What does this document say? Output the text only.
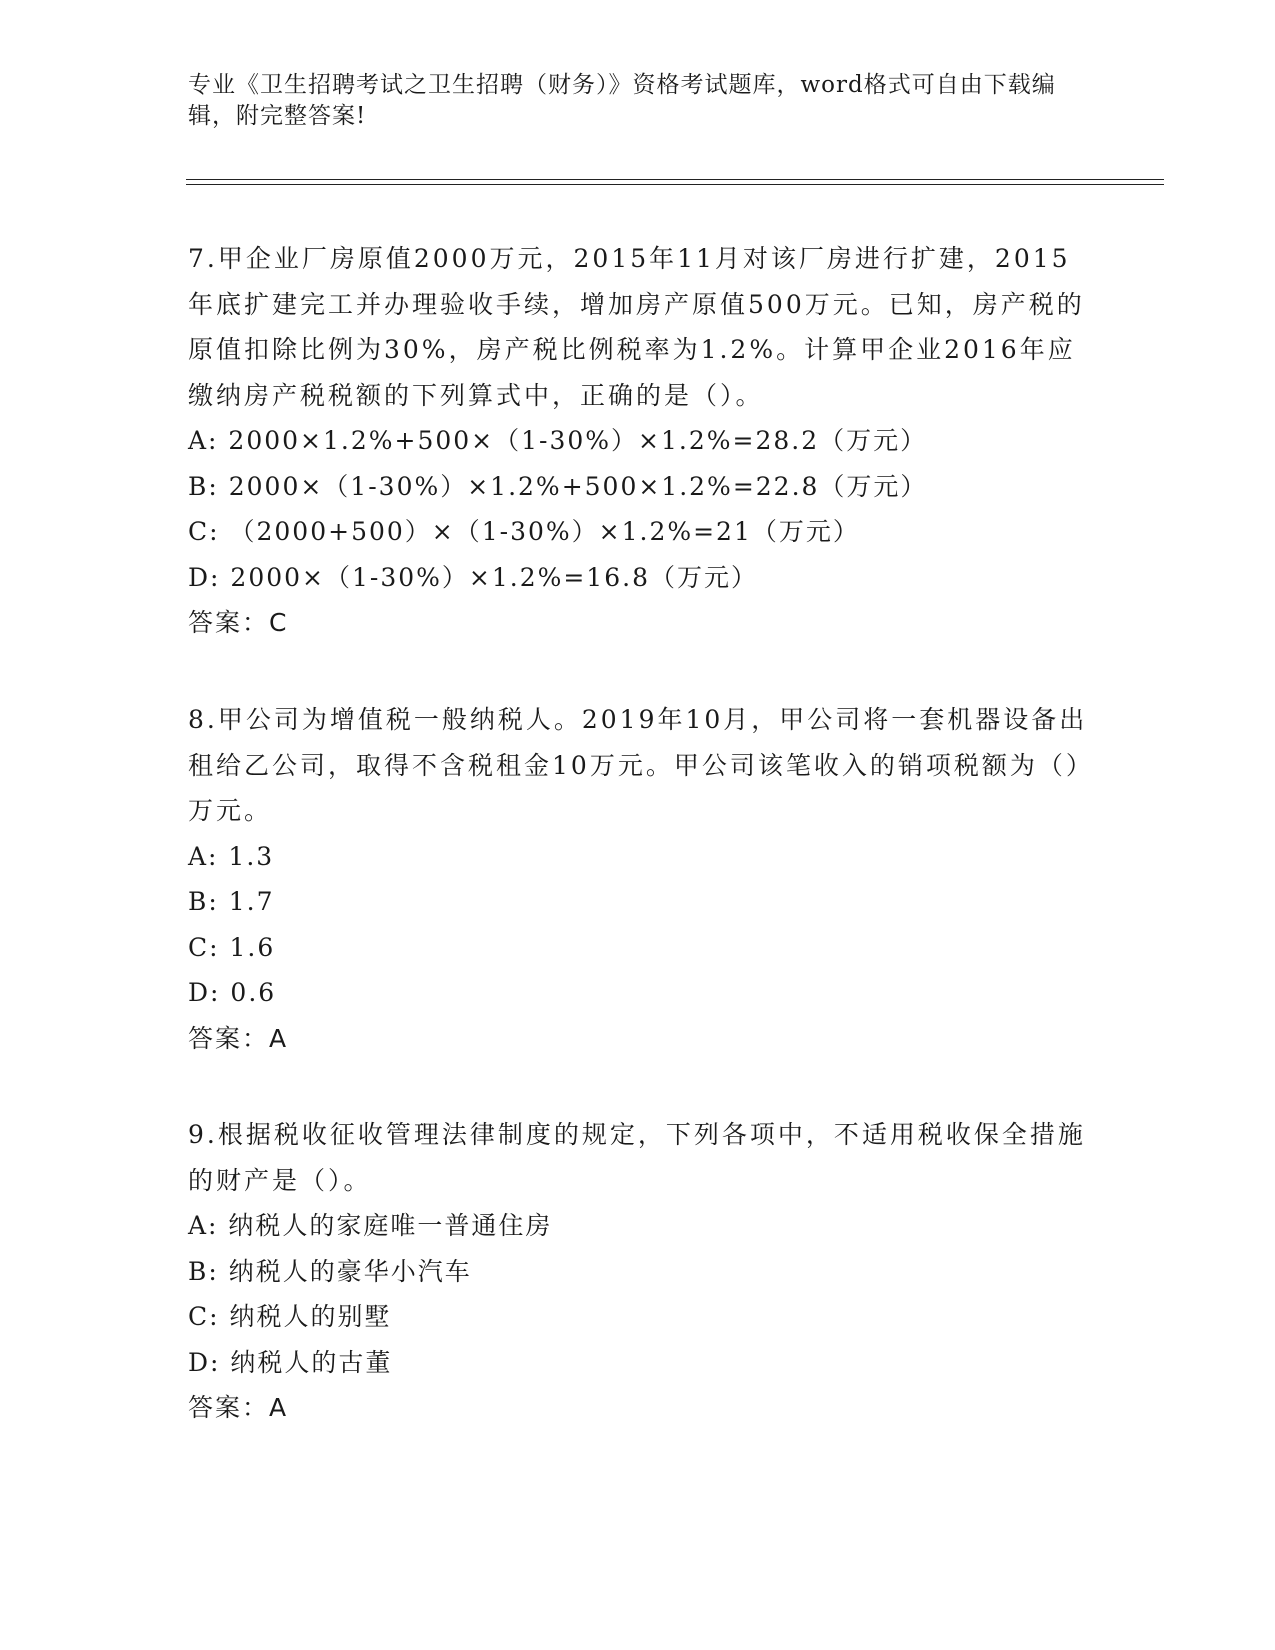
专业《卫生招聘考试之卫生招聘（财务）》资格考试题库，word格式可自由下载编辑，附完整答案!

7.甲企业厂房原值2000万元，2015年11月对该厂房进行扩建，2015年底扩建完工并办理验收手续，增加房产原值500万元。已知，房产税的原值扣除比例为30%，房产税比例税率为1.2%。计算甲企业2016年应缴纳房产税税额的下列算式中，正确的是（）。

A: 2000×1.2%+500×（1-30%）×1.2%=28.2（万元）

B: 2000×（1-30%）×1.2%+500×1.2%=22.8（万元）

C: （2000+500）×（1-30%）×1.2%=21（万元）

D: 2000×（1-30%）×1.2%=16.8（万元）

答案：C

8.甲公司为增值税一般纳税人。2019年10月，甲公司将一套机器设备出租给乙公司，取得不含税租金10万元。甲公司该笔收入的销项税额为（）万元。

A: 1.3

B: 1.7

C: 1.6

D: 0.6

答案：A

9.根据税收征收管理法律制度的规定，下列各项中，不适用税收保全措施的财产是（）。

A: 纳税人的家庭唯一普通住房

B: 纳税人的豪华小汽车

C: 纳税人的别墅

D: 纳税人的古董

答案：A
